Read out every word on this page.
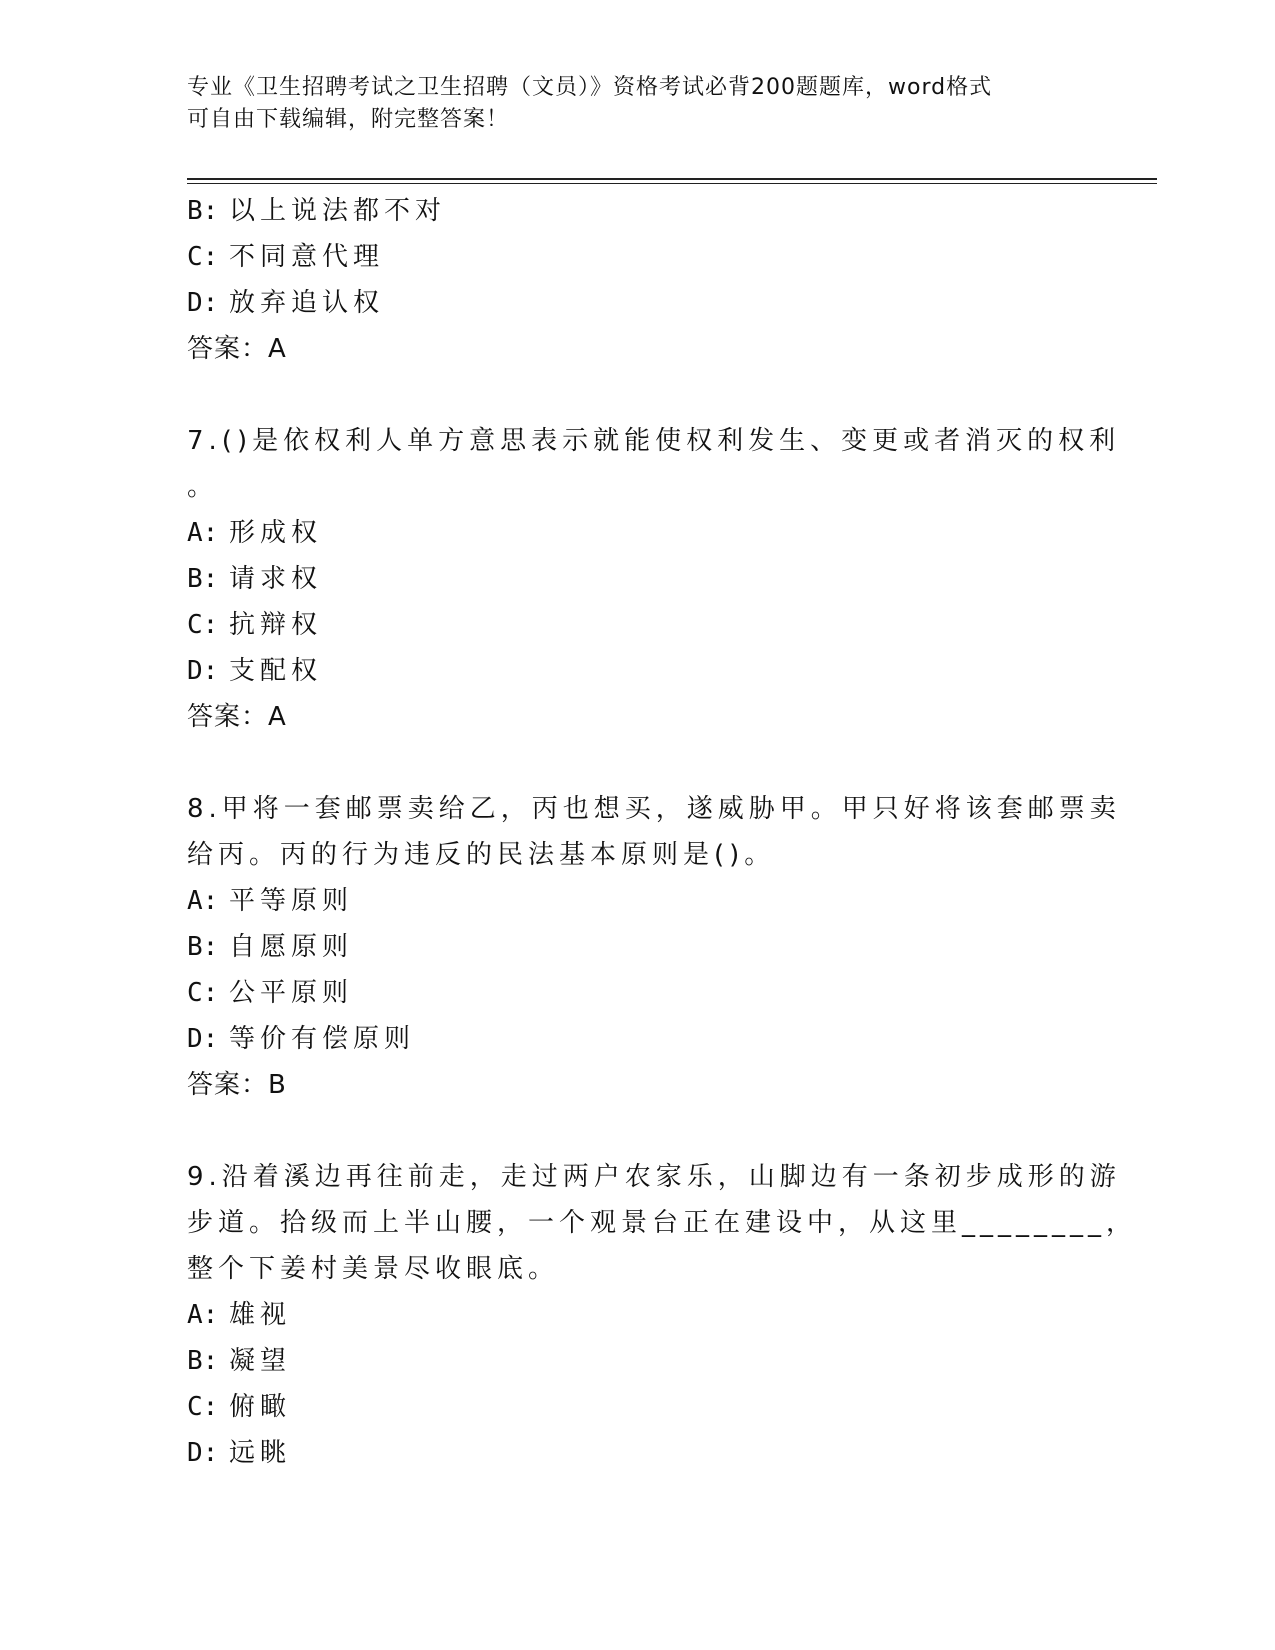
专业《卫生招聘考试之卫生招聘（文员）》资格考试必背200题题库，word格式
可自由下载编辑，附完整答案！
B: 以上说法都不对
C: 不同意代理
D: 放弃追认权
答案：A
7.()是依权利人单方意思表示就能使权利发生、变更或者消灭的权利
。
A: 形成权
B: 请求权
C: 抗辩权
D: 支配权
答案：A
8.甲将一套邮票卖给乙，丙也想买，遂威胁甲。甲只好将该套邮票卖
给丙。丙的行为违反的民法基本原则是()。
A: 平等原则
B: 自愿原则
C: 公平原则
D: 等价有偿原则
答案：B
9.沿着溪边再往前走，走过两户农家乐，山脚边有一条初步成形的游
步道。拾级而上半山腰，一个观景台正在建设中，从这里________，
整个下姜村美景尽收眼底。
A: 雄视
B: 凝望
C: 俯瞰
D: 远眺
